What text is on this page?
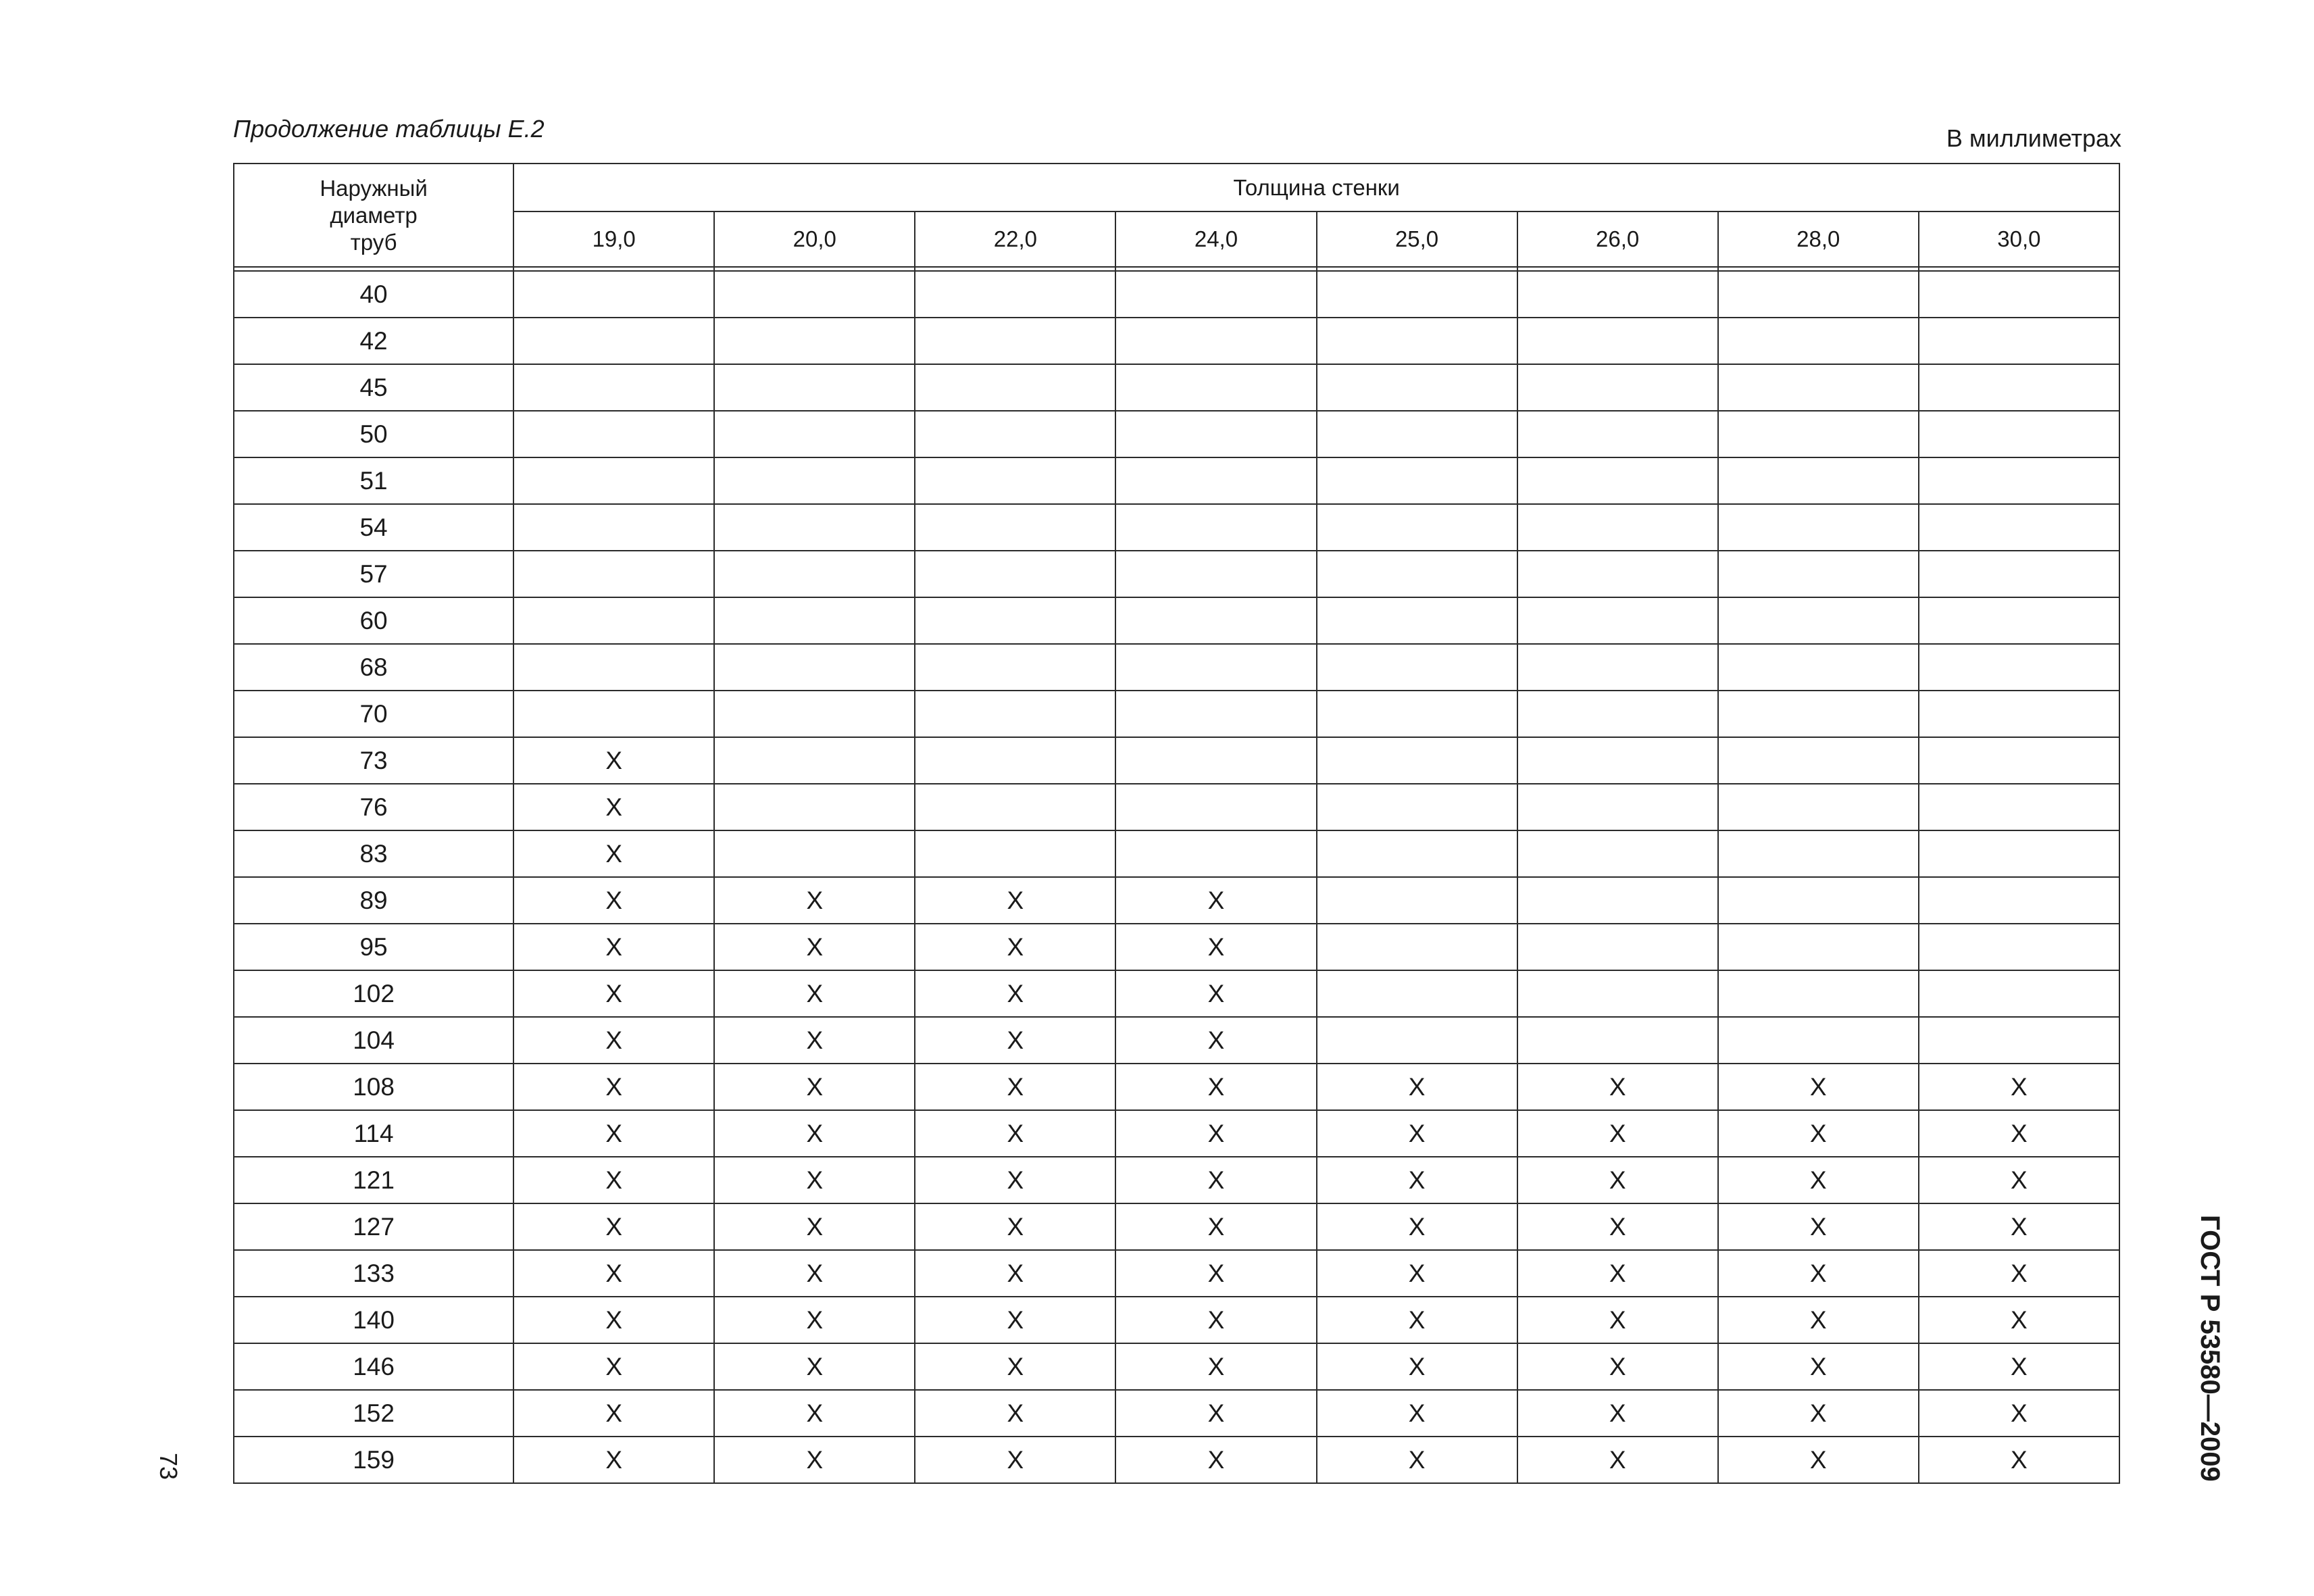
Продолжение таблицы Е.2	В миллиметрах
Наружный
диаметр
труб	Толщина стенки							
	19,0	20,0	22,0	24,0	25,0	26,0	28,0	30,0

40								
42								
45								
50								
51								
54								
57								
60								
68								
70								
73	X							
76	X							
83	X							
89	X	X	X	X				
95	X	X	X	X				
102	X	X	X	X				
104	X	X	X	X				
108	X	X	X	X	X	X	X	X
114	X	X	X	X	X	X	X	X
121	X	X	X	X	X	X	X	X
127	X	X	X	X	X	X	X	X
133	X	X	X	X	X	X	X	X
140	X	X	X	X	X	X	X	X
146	X	X	X	X	X	X	X	X
152	X	X	X	X	X	X	X	X
159	X	X	X	X	X	X	X	X
73	ГОСТ Р 53580—2009
